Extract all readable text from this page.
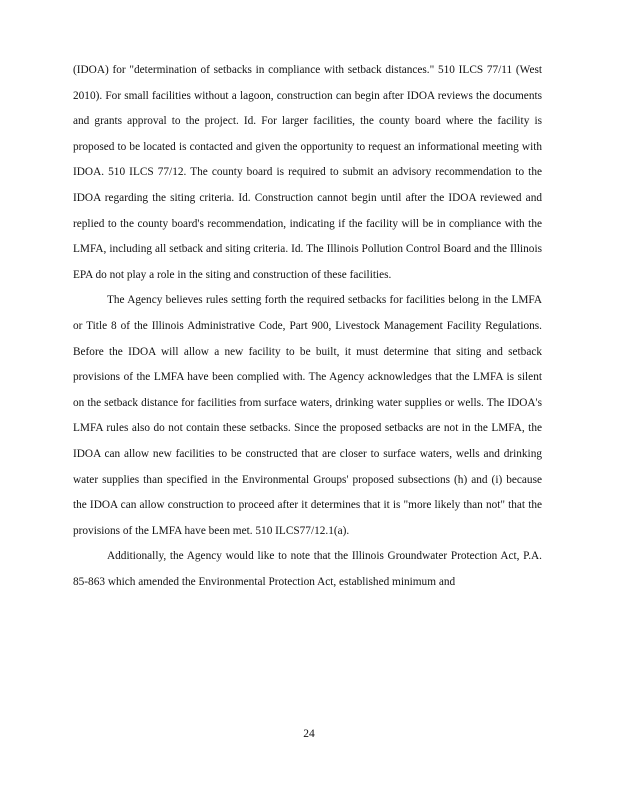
(IDOA) for "determination of setbacks in compliance with setback distances." 510 ILCS 77/11 (West 2010). For small facilities without a lagoon, construction can begin after IDOA reviews the documents and grants approval to the project. Id. For larger facilities, the county board where the facility is proposed to be located is contacted and given the opportunity to request an informational meeting with IDOA. 510 ILCS 77/12. The county board is required to submit an advisory recommendation to the IDOA regarding the siting criteria. Id. Construction cannot begin until after the IDOA reviewed and replied to the county board's recommendation, indicating if the facility will be in compliance with the LMFA, including all setback and siting criteria. Id. The Illinois Pollution Control Board and the Illinois EPA do not play a role in the siting and construction of these facilities.

The Agency believes rules setting forth the required setbacks for facilities belong in the LMFA or Title 8 of the Illinois Administrative Code, Part 900, Livestock Management Facility Regulations. Before the IDOA will allow a new facility to be built, it must determine that siting and setback provisions of the LMFA have been complied with. The Agency acknowledges that the LMFA is silent on the setback distance for facilities from surface waters, drinking water supplies or wells. The IDOA's LMFA rules also do not contain these setbacks. Since the proposed setbacks are not in the LMFA, the IDOA can allow new facilities to be constructed that are closer to surface waters, wells and drinking water supplies than specified in the Environmental Groups' proposed subsections (h) and (i) because the IDOA can allow construction to proceed after it determines that it is "more likely than not" that the provisions of the LMFA have been met. 510 ILCS77/12.1(a).

Additionally, the Agency would like to note that the Illinois Groundwater Protection Act, P.A. 85-863 which amended the Environmental Protection Act, established minimum and

24
